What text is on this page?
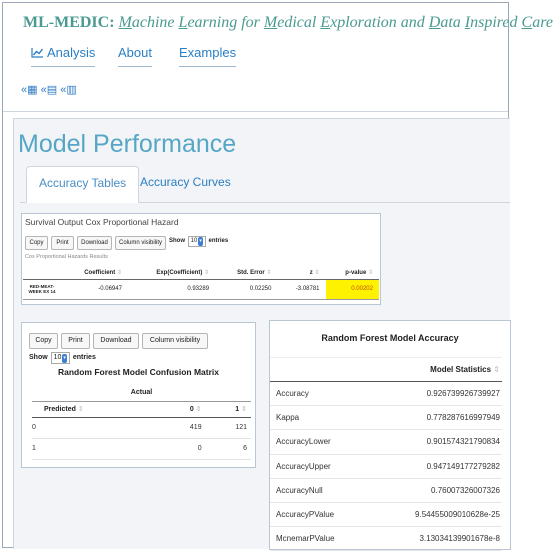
ML-MEDIC: Machine Learning for Medical Exploration and Data Inspired Care
Analysis About Examples
«▦ «▤ «▥
Model Performance
Accuracy Tables	Accuracy Curves
Survival Output Cox Proportional Hazard
Copy	Print	Download	Column visibility	Show 10 ▾ entries
Cox Proportional Hazards Results
	Coefficient ⇕	Exp(Coefficient) ⇕	Std. Error ⇕	z ⇕	p-value ⇕
RED-MEAT-WEEK EX 14	-0.06947	0.93289	0.02250	-3.08781	0.00202
Copy	Print	Download	Column visibility
Show 10 ▾ entries
Random Forest Model Confusion Matrix
Actual		
Predicted ⇕	0 ⇕	1 ⇕
0	419	121
1	0	6
Random Forest Model Accuracy
	Model Statistics ⇕
Accuracy	0.926739926739927
Kappa	0.778287616997949
AccuracyLower	0.901574321790834
AccuracyUpper	0.947149177279282
AccuracyNull	0.76007326007326
AccuracyPValue	9.54455009010628e-25
McnemarPValue	3.13034139901678e-8
